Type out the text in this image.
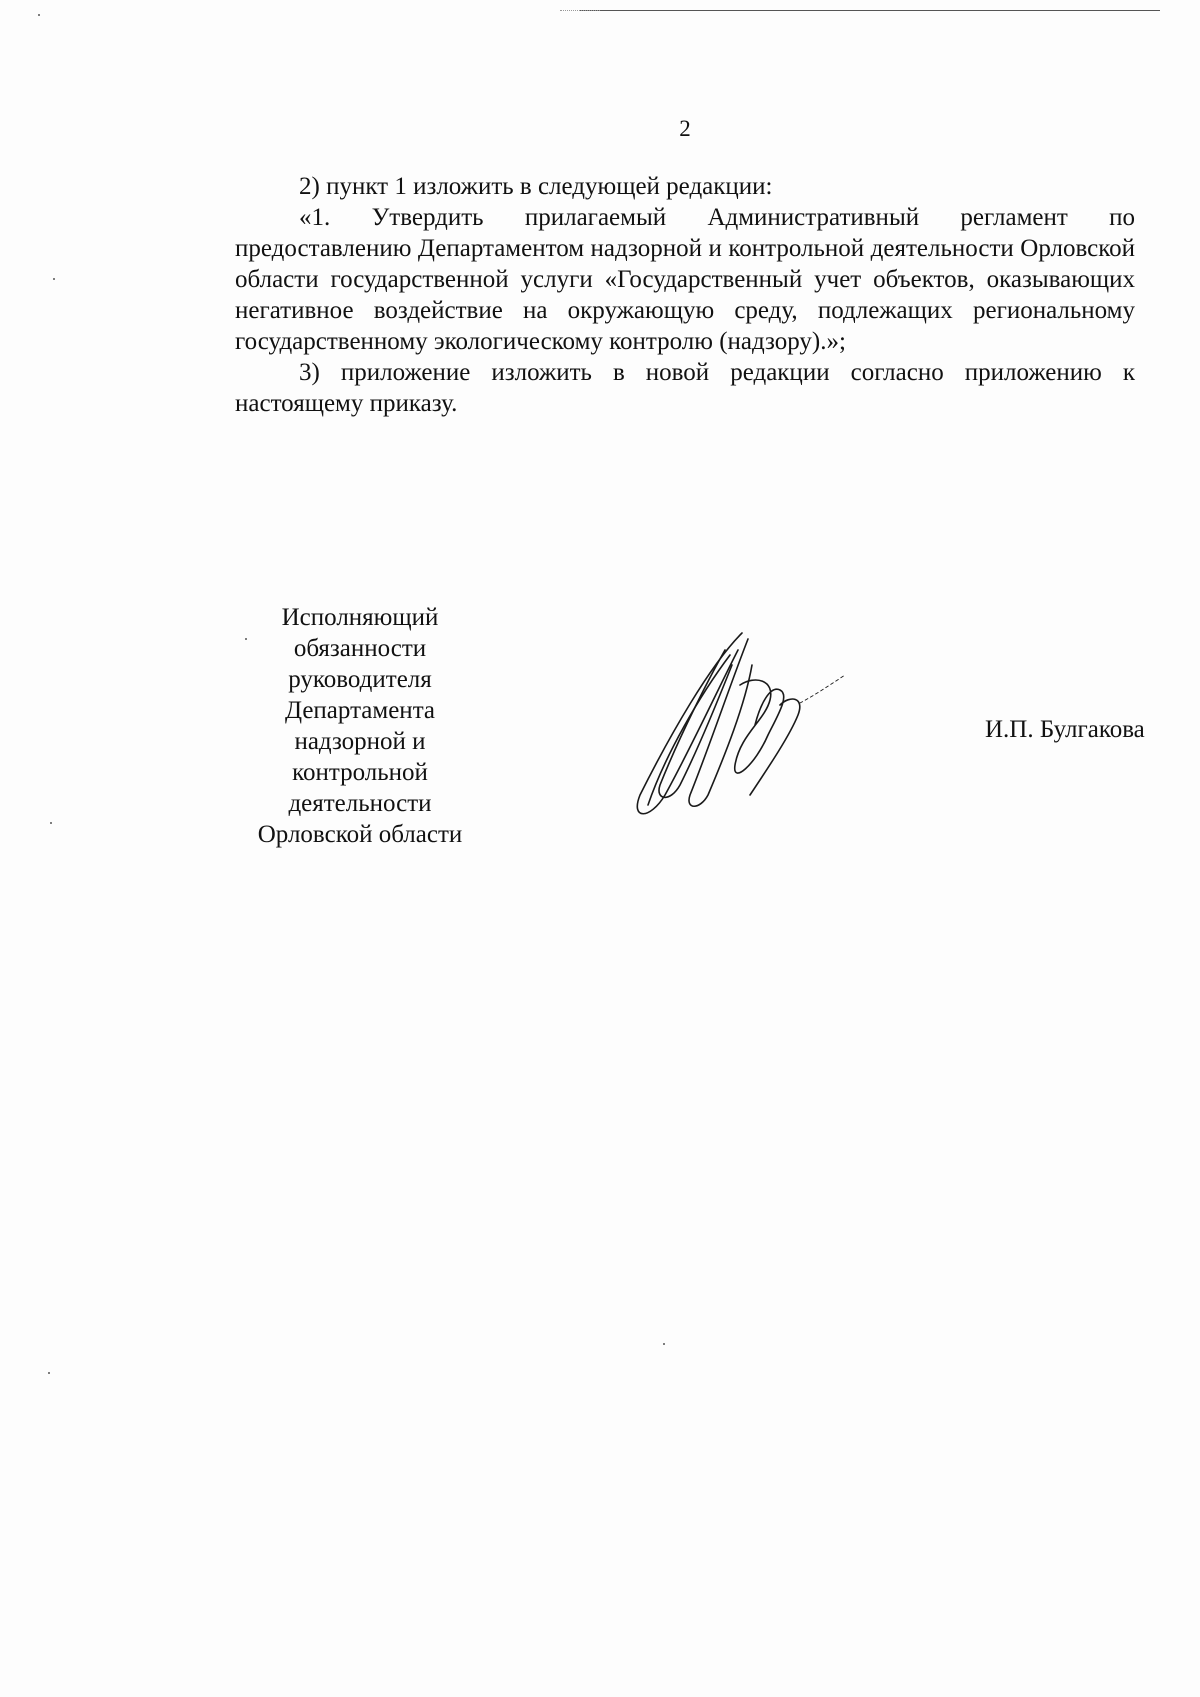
2

2) пункт 1 изложить в следующей редакции:

«1. Утвердить прилагаемый Административный регламент по предоставлению Департаментом надзорной и контрольной деятельности Орловской области государственной услуги «Государственный учет объектов, оказывающих негативное воздействие на окружающую среду, подлежащих региональному государственному экологическому контролю (надзору).»;

3) приложение изложить в новой редакции согласно приложению к настоящему приказу.

Исполняющий
обязанности
руководителя
Департамента
надзорной и
контрольной
деятельности
Орловской области
И.П. Булгакова
